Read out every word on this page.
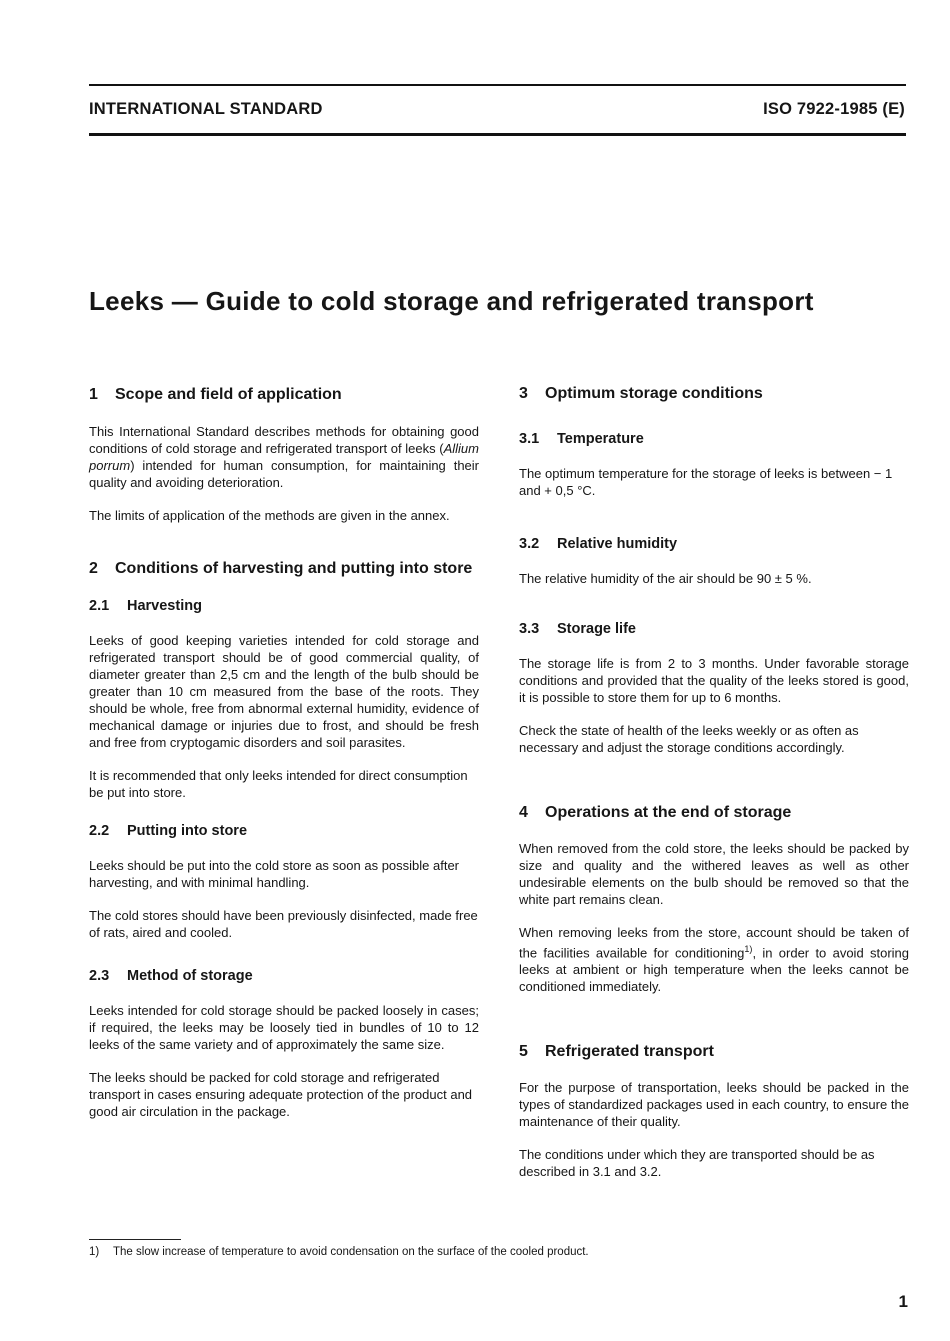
INTERNATIONAL STANDARD	ISO 7922-1985 (E)
Leeks — Guide to cold storage and refrigerated transport
1 Scope and field of application

This International Standard describes methods for obtaining good conditions of cold storage and refrigerated transport of leeks (Allium porrum) intended for human consumption, for maintaining their quality and avoiding deterioration.

The limits of application of the methods are given in the annex.

2 Conditions of harvesting and putting into store
2.1 Harvesting

Leeks of good keeping varieties intended for cold storage and refrigerated transport should be of good commercial quality, of diameter greater than 2,5 cm and the length of the bulb should be greater than 10 cm measured from the base of the roots. They should be whole, free from abnormal external humidity, evidence of mechanical damage or injuries due to frost, and should be fresh and free from cryptogamic disorders and soil parasites.

It is recommended that only leeks intended for direct consumption be put into store.

2.2 Putting into store

Leeks should be put into the cold store as soon as possible after harvesting, and with minimal handling.

The cold stores should have been previously disinfected, made free of rats, aired and cooled.

2.3 Method of storage

Leeks intended for cold storage should be packed loosely in cases; if required, the leeks may be loosely tied in bundles of 10 to 12 leeks of the same variety and of approximately the same size.

The leeks should be packed for cold storage and refrigerated transport in cases ensuring adequate protection of the product and good air circulation in the package.

3 Optimum storage conditions
3.1 Temperature

The optimum temperature for the storage of leeks is between − 1 and + 0,5 °C.

3.2 Relative humidity

The relative humidity of the air should be 90 ± 5 %.

3.3 Storage life

The storage life is from 2 to 3 months. Under favorable storage conditions and provided that the quality of the leeks stored is good, it is possible to store them for up to 6 months.

Check the state of health of the leeks weekly or as often as necessary and adjust the storage conditions accordingly.

4 Operations at the end of storage

When removed from the cold store, the leeks should be packed by size and quality and the withered leaves as well as other undesirable elements on the bulb should be removed so that the white part remains clean.

When removing leeks from the store, account should be taken of the facilities available for conditioning$^{1)}$, in order to avoid storing leeks at ambient or high temperature when the leeks cannot be conditioned immediately.

5 Refrigerated transport

For the purpose of transportation, leeks should be packed in the types of standardized packages used in each country, to ensure the maintenance of their quality.

The conditions under which they are transported should be as described in 3.1 and 3.2.

1) The slow increase of temperature to avoid condensation on the surface of the cooled product.
1
